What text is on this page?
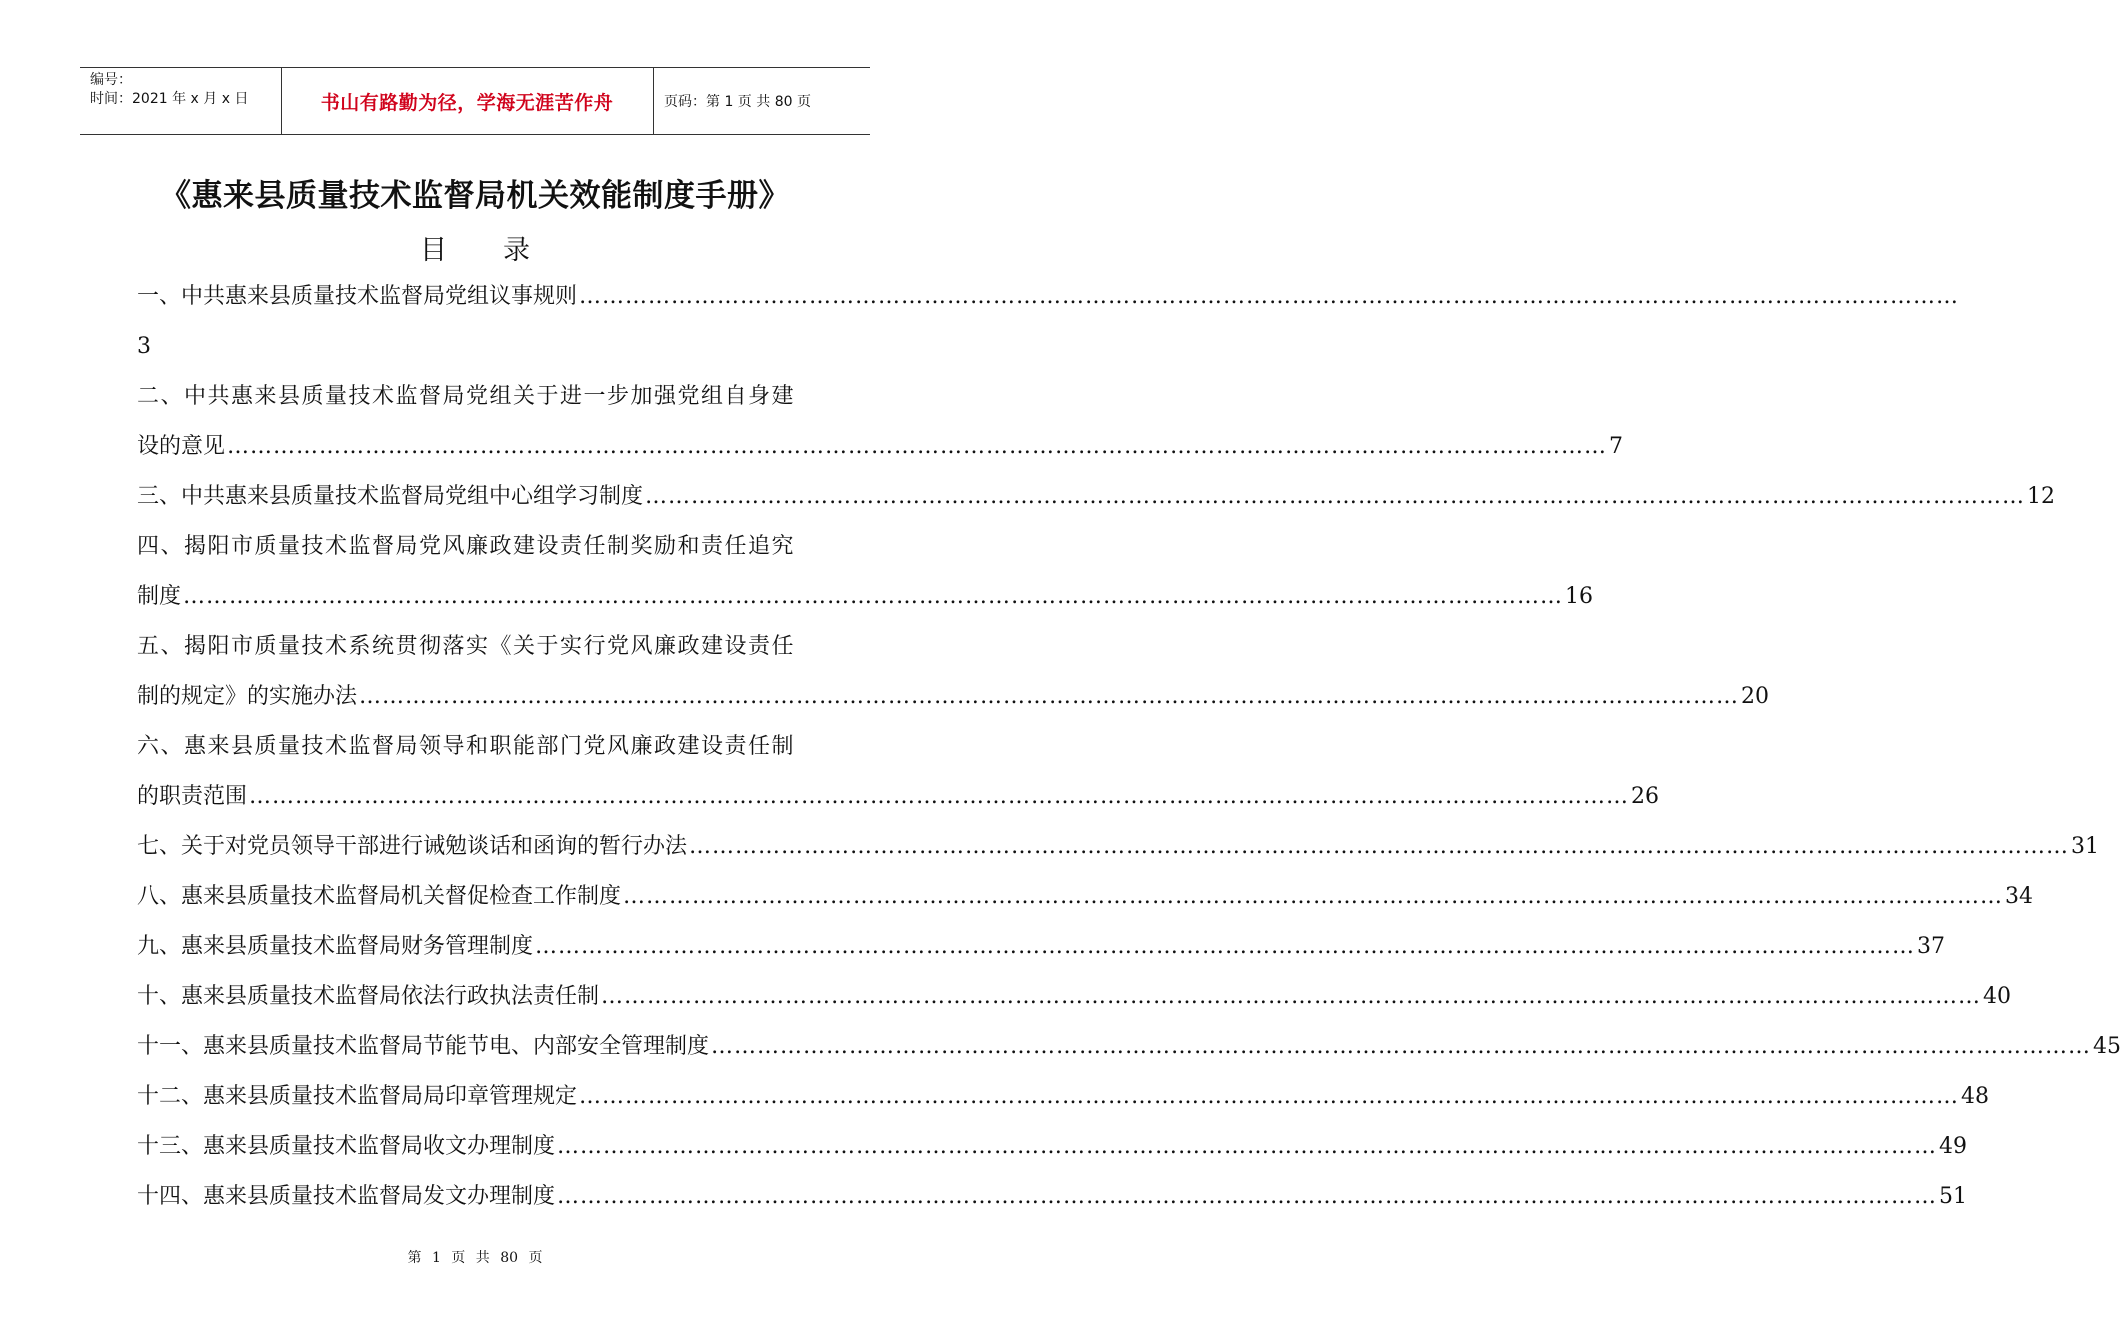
编号：
时间：2021 年 x 月 x 日	书山有路勤为径，学海无涯苦作舟	页码：第 1 页 共 80 页
《惠来县质量技术监督局机关效能制度手册》
目录
一、中共惠来县质量技术监督局党组议事规则 ………………………………………………………………………………………………………………………………………………………………
3
二、中共惠来县质量技术监督局党组关于进一步加强党组自身建
设的意见 ……………………………………………………………………………………………………………………………………………………………… 7
三、中共惠来县质量技术监督局党组中心组学习制度 ……………………………………………………………………………………………………………………………………………………………… 12
四、揭阳市质量技术监督局党风廉政建设责任制奖励和责任追究
制度 ……………………………………………………………………………………………………………………………………………………………… 16
五、揭阳市质量技术系统贯彻落实《关于实行党风廉政建设责任
制的规定》的实施办法 ……………………………………………………………………………………………………………………………………………………………… 20
六、惠来县质量技术监督局领导和职能部门党风廉政建设责任制
的职责范围 ……………………………………………………………………………………………………………………………………………………………… 26
七、关于对党员领导干部进行诫勉谈话和函询的暂行办法 ……………………………………………………………………………………………………………………………………………………………… 31
八、惠来县质量技术监督局机关督促检查工作制度 ……………………………………………………………………………………………………………………………………………………………… 34
九、惠来县质量技术监督局财务管理制度 ……………………………………………………………………………………………………………………………………………………………… 37
十、惠来县质量技术监督局依法行政执法责任制 ……………………………………………………………………………………………………………………………………………………………… 40
十一、惠来县质量技术监督局节能节电、内部安全管理制度 ……………………………………………………………………………………………………………………………………………………………… 45
十二、惠来县质量技术监督局局印章管理规定 ……………………………………………………………………………………………………………………………………………………………… 48
十三、惠来县质量技术监督局收文办理制度 ……………………………………………………………………………………………………………………………………………………………… 49
十四、惠来县质量技术监督局发文办理制度 ……………………………………………………………………………………………………………………………………………………………… 51
第 1 页 共 80 页
